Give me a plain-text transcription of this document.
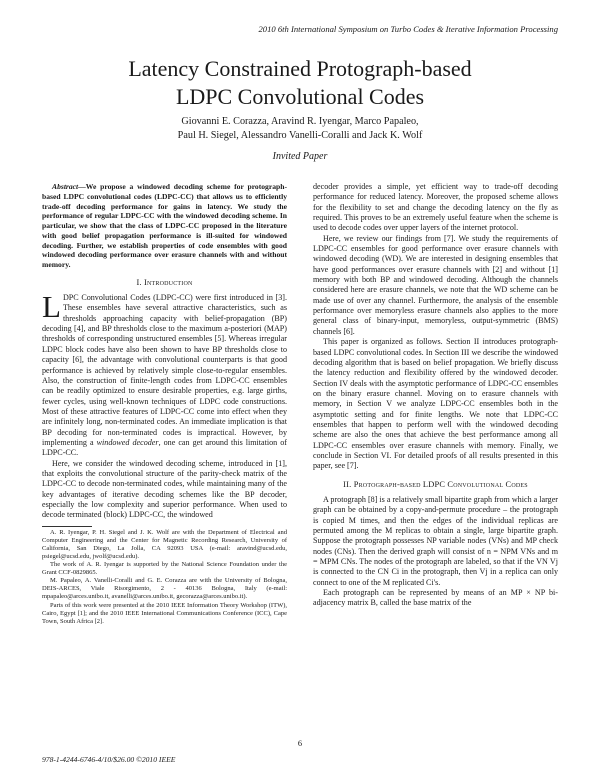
2010 6th International Symposium on Turbo Codes & Iterative Information Processing
Latency Constrained Protograph-based
LDPC Convolutional Codes
Giovanni E. Corazza, Aravind R. Iyengar, Marco Papaleo,
Paul H. Siegel, Alessandro Vanelli-Coralli and Jack K. Wolf
Invited Paper

Abstract—We propose a windowed decoding scheme for protograph-based LDPC convolutional codes (LDPC-CC) that allows us to efficiently trade-off decoding performance for gains in latency. We study the performance of regular LDPC-CC with the windowed decoding scheme. In particular, we show that the class of LDPC-CC proposed in the literature with good belief propagation performance is ill-suited for windowed decoding. Further, we establish properties of code ensembles with good windowed decoding performance over erasure channels with and without memory.

I. Introduction

LDPC Convolutional Codes (LDPC-CC) were first introduced in [3]. These ensembles have several attractive characteristics, such as thresholds approaching capacity with belief-propagation (BP) decoding [4], and BP thresholds close to the maximum a-posteriori (MAP) thresholds of corresponding unstructured ensembles [5]. Whereas irregular LDPC block codes have also been shown to have BP thresholds close to capacity [6], the advantage with convolutional counterparts is that good performance is achieved by relatively simple close-to-regular ensembles. Also, the construction of finite-length codes from LDPC-CC ensembles can be readily optimized to ensure desirable properties, e.g. large girths, fewer cycles, using well-known techniques of LDPC code constructions. Most of these attractive features of LDPC-CC come into effect when they are infinitely long, non-terminated codes. An immediate implication is that BP decoding for non-terminated codes is impractical. However, by implementing a windowed decoder, one can get around this limitation of LDPC-CC.

Here, we consider the windowed decoding scheme, introduced in [1], that exploits the convolutional structure of the parity-check matrix of the LDPC-CC to decode non-terminated codes, while maintaining many of the key advantages of iterative decoding schemes like the BP decoder, especially the low complexity and superior performance. When used to decode terminated (block) LDPC-CC, the windowed

A. R. Iyengar, P. H. Siegel and J. K. Wolf are with the Department of Electrical and Computer Engineering and the Center for Magnetic Recording Research, University of California, San Diego, La Jolla, CA 92093 USA (e-mail: aravind@ucsd.edu, psiegel@ucsd.edu, jwolf@ucsd.edu).
The work of A. R. Iyengar is supported by the National Science Foundation under the Grant CCF-0829865.
M. Papaleo, A. Vanelli-Coralli and G. E. Corazza are with the University of Bologna, DEIS-ARCES, Viale Risorgimento, 2 - 40136 Bologna, Italy (e-mail: mpapaleo@arces.unibo.it, avanelli@arces.unibo.it, gecorazza@arces.unibo.it).
Parts of this work were presented at the 2010 IEEE Information Theory Workshop (ITW), Cairo, Egypt [1]; and the 2010 IEEE International Communications Conference (ICC), Cape Town, South Africa [2].

decoder provides a simple, yet efficient way to trade-off decoding performance for reduced latency. Moreover, the proposed scheme allows for the flexibility to set and change the decoding latency on the fly as required. This proves to be an extremely useful feature when the scheme is used to decode codes over upper layers of the internet protocol.

Here, we review our findings from [7]. We study the requirements of LDPC-CC ensembles for good performance over erasure channels with windowed decoding (WD). We are interested in designing ensembles that have good performances over erasure channels with [2] and without [1] memory with both BP and windowed decoding. Although the channels considered here are erasure channels, we note that the WD scheme can be made use of over any channel. Furthermore, the analysis of the ensemble performance over memoryless erasure channels also applies to the more general class of binary-input, memoryless, output-symmetric (BMS) channels [6].

This paper is organized as follows. Section II introduces protograph-based LDPC convolutional codes. In Section III we describe the windowed decoding algorithm that is based on belief propagation. We briefly discuss the latency reduction and flexibility offered by the windowed decoder. Section IV deals with the asymptotic performance of LDPC-CC ensembles on the binary erasure channel. Moving on to erasure channels with memory, in Section V we analyze LDPC-CC ensembles both in the asymptotic setting and for finite lengths. We note that LDPC-CC ensembles that happen to perform well with the windowed decoding scheme are also the ones that achieve the best performance among all LDPC-CC ensembles over erasure channels with memory. Finally, we conclude in Section VI. For detailed proofs of all results presented in this paper, see [7].

II. Protograph-based LDPC Convolutional Codes

A protograph [8] is a relatively small bipartite graph from which a larger graph can be obtained by a copy-and-permute procedure – the protograph is copied M times, and then the edges of the individual replicas are permuted among the M replicas to obtain a single, large bipartite graph. Suppose the protograph possesses NP variable nodes (VNs) and MP check nodes (CNs). Then the derived graph will consist of n = NPM VNs and m = MPM CNs. The nodes of the protograph are labeled, so that if the VN Vj is connected to the CN Ci in the protograph, then Vj in a replica can only connect to one of the M replicated Ci's.

Each protograph can be represented by means of an MP × NP bi-adjacency matrix B, called the base matrix of the

6
978-1-4244-6746-4/10/$26.00 ©2010 IEEE
